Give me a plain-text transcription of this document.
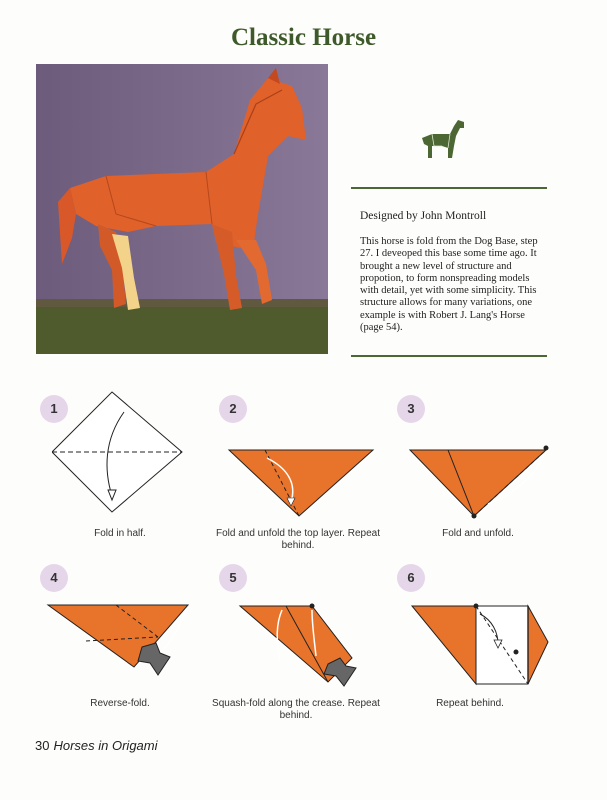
Classic Horse
Designed by John Montroll
This horse is fold from the Dog Base, step 27. I deveoped this base some time ago. It brought a new level of structure and propotion, to form nonspreading models with detail, yet with some simplicity. This structure allows for many variations, one example is with Robert J. Lang's Horse (page 54).
1
Fold in half.
2
Fold and unfold the top layer. Repeat behind.
3
Fold and unfold.
4
Reverse-fold.
5
Squash-fold along the crease. Repeat behind.
6
Repeat behind.
30 Horses in Origami
